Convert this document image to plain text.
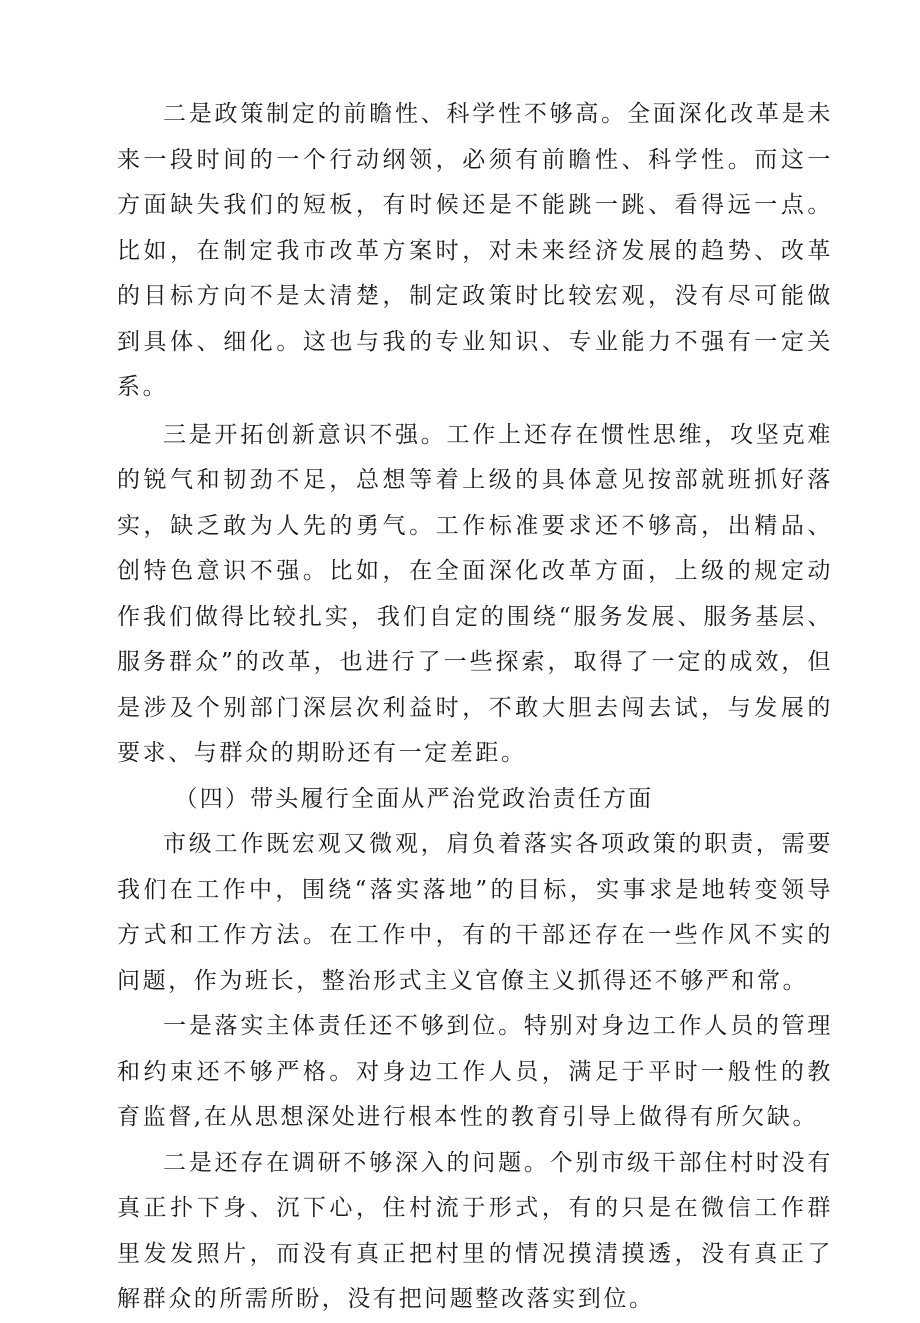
二是政策制定的前瞻性、科学性不够高。全面深化改革是未来一段时间的一个行动纲领，必须有前瞻性、科学性。而这一方面缺失我们的短板，有时候还是不能跳一跳、看得远一点。比如，在制定我市改革方案时，对未来经济发展的趋势、改革的目标方向不是太清楚，制定政策时比较宏观，没有尽可能做到具体、细化。这也与我的专业知识、专业能力不强有一定关系。

三是开拓创新意识不强。工作上还存在惯性思维，攻坚克难的锐气和韧劲不足，总想等着上级的具体意见按部就班抓好落实，缺乏敢为人先的勇气。工作标准要求还不够高，出精品、创特色意识不强。比如，在全面深化改革方面，上级的规定动作我们做得比较扎实，我们自定的围绕“服务发展、服务基层、服务群众”的改革，也进行了一些探索，取得了一定的成效，但是涉及个别部门深层次利益时，不敢大胆去闯去试，与发展的要求、与群众的期盼还有一定差距。

（四）带头履行全面从严治党政治责任方面

市级工作既宏观又微观，肩负着落实各项政策的职责，需要我们在工作中，围绕“落实落地”的目标，实事求是地转变领导方式和工作方法。在工作中，有的干部还存在一些作风不实的问题，作为班长，整治形式主义官僚主义抓得还不够严和常。

一是落实主体责任还不够到位。特别对身边工作人员的管理和约束还不够严格。对身边工作人员，满足于平时一般性的教育监督,在从思想深处进行根本性的教育引导上做得有所欠缺。

二是还存在调研不够深入的问题。个别市级干部住村时没有真正扑下身、沉下心，住村流于形式，有的只是在微信工作群里发发照片，而没有真正把村里的情况摸清摸透，没有真正了解群众的所需所盼，没有把问题整改落实到位。
